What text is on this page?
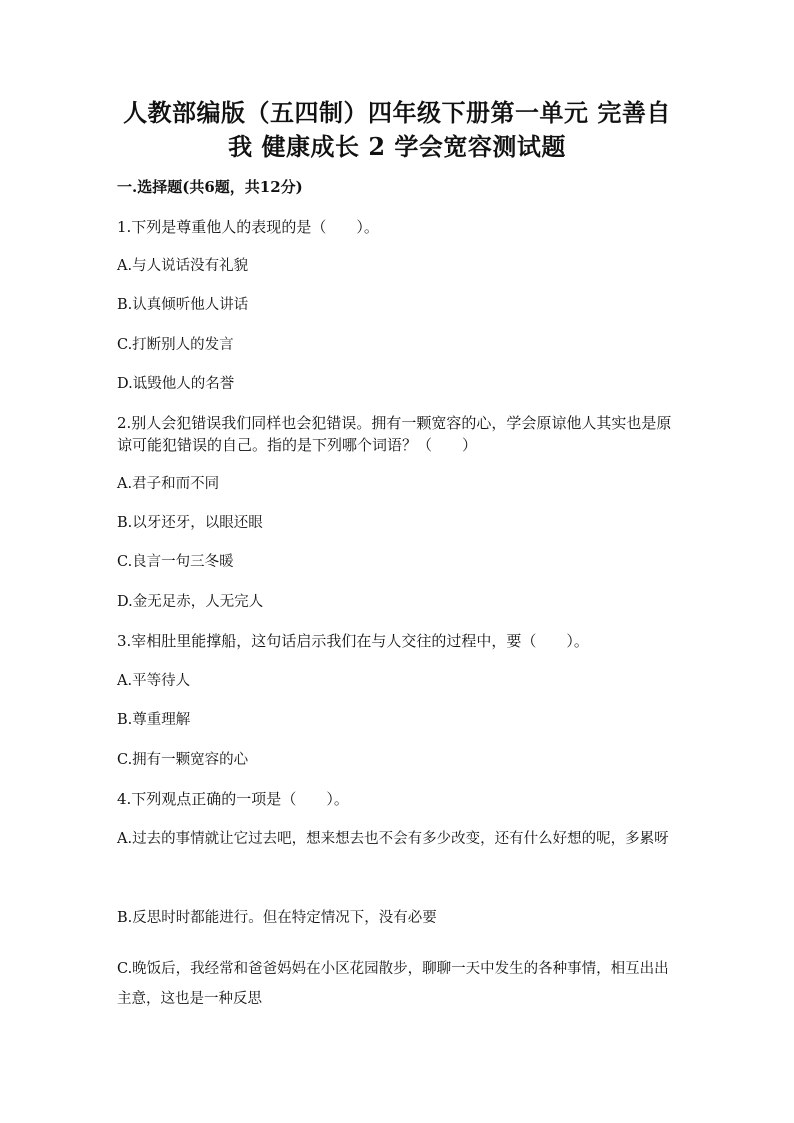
人教部编版（五四制）四年级下册第一单元 完善自
我 健康成长 2 学会宽容测试题
一.选择题(共6题，共12分)
1.下列是尊重他人的表现的是（　　）。
A.与人说话没有礼貌
B.认真倾听他人讲话
C.打断别人的发言
D.诋毁他人的名誉
2.别人会犯错误我们同样也会犯错误。拥有一颗宽容的心，学会原谅他人其实也是原谅可能犯错误的自己。指的是下列哪个词语？（　　）
A.君子和而不同
B.以牙还牙，以眼还眼
C.良言一句三冬暖
D.金无足赤，人无完人
3.宰相肚里能撑船，这句话启示我们在与人交往的过程中，要（　　）。
A.平等待人
B.尊重理解
C.拥有一颗宽容的心
4.下列观点正确的一项是（　　）。
A.过去的事情就让它过去吧，想来想去也不会有多少改变，还有什么好想的呢，多累呀
B.反思时时都能进行。但在特定情况下，没有必要
C.晚饭后，我经常和爸爸妈妈在小区花园散步，聊聊一天中发生的各种事情，相互出出主意，这也是一种反思
